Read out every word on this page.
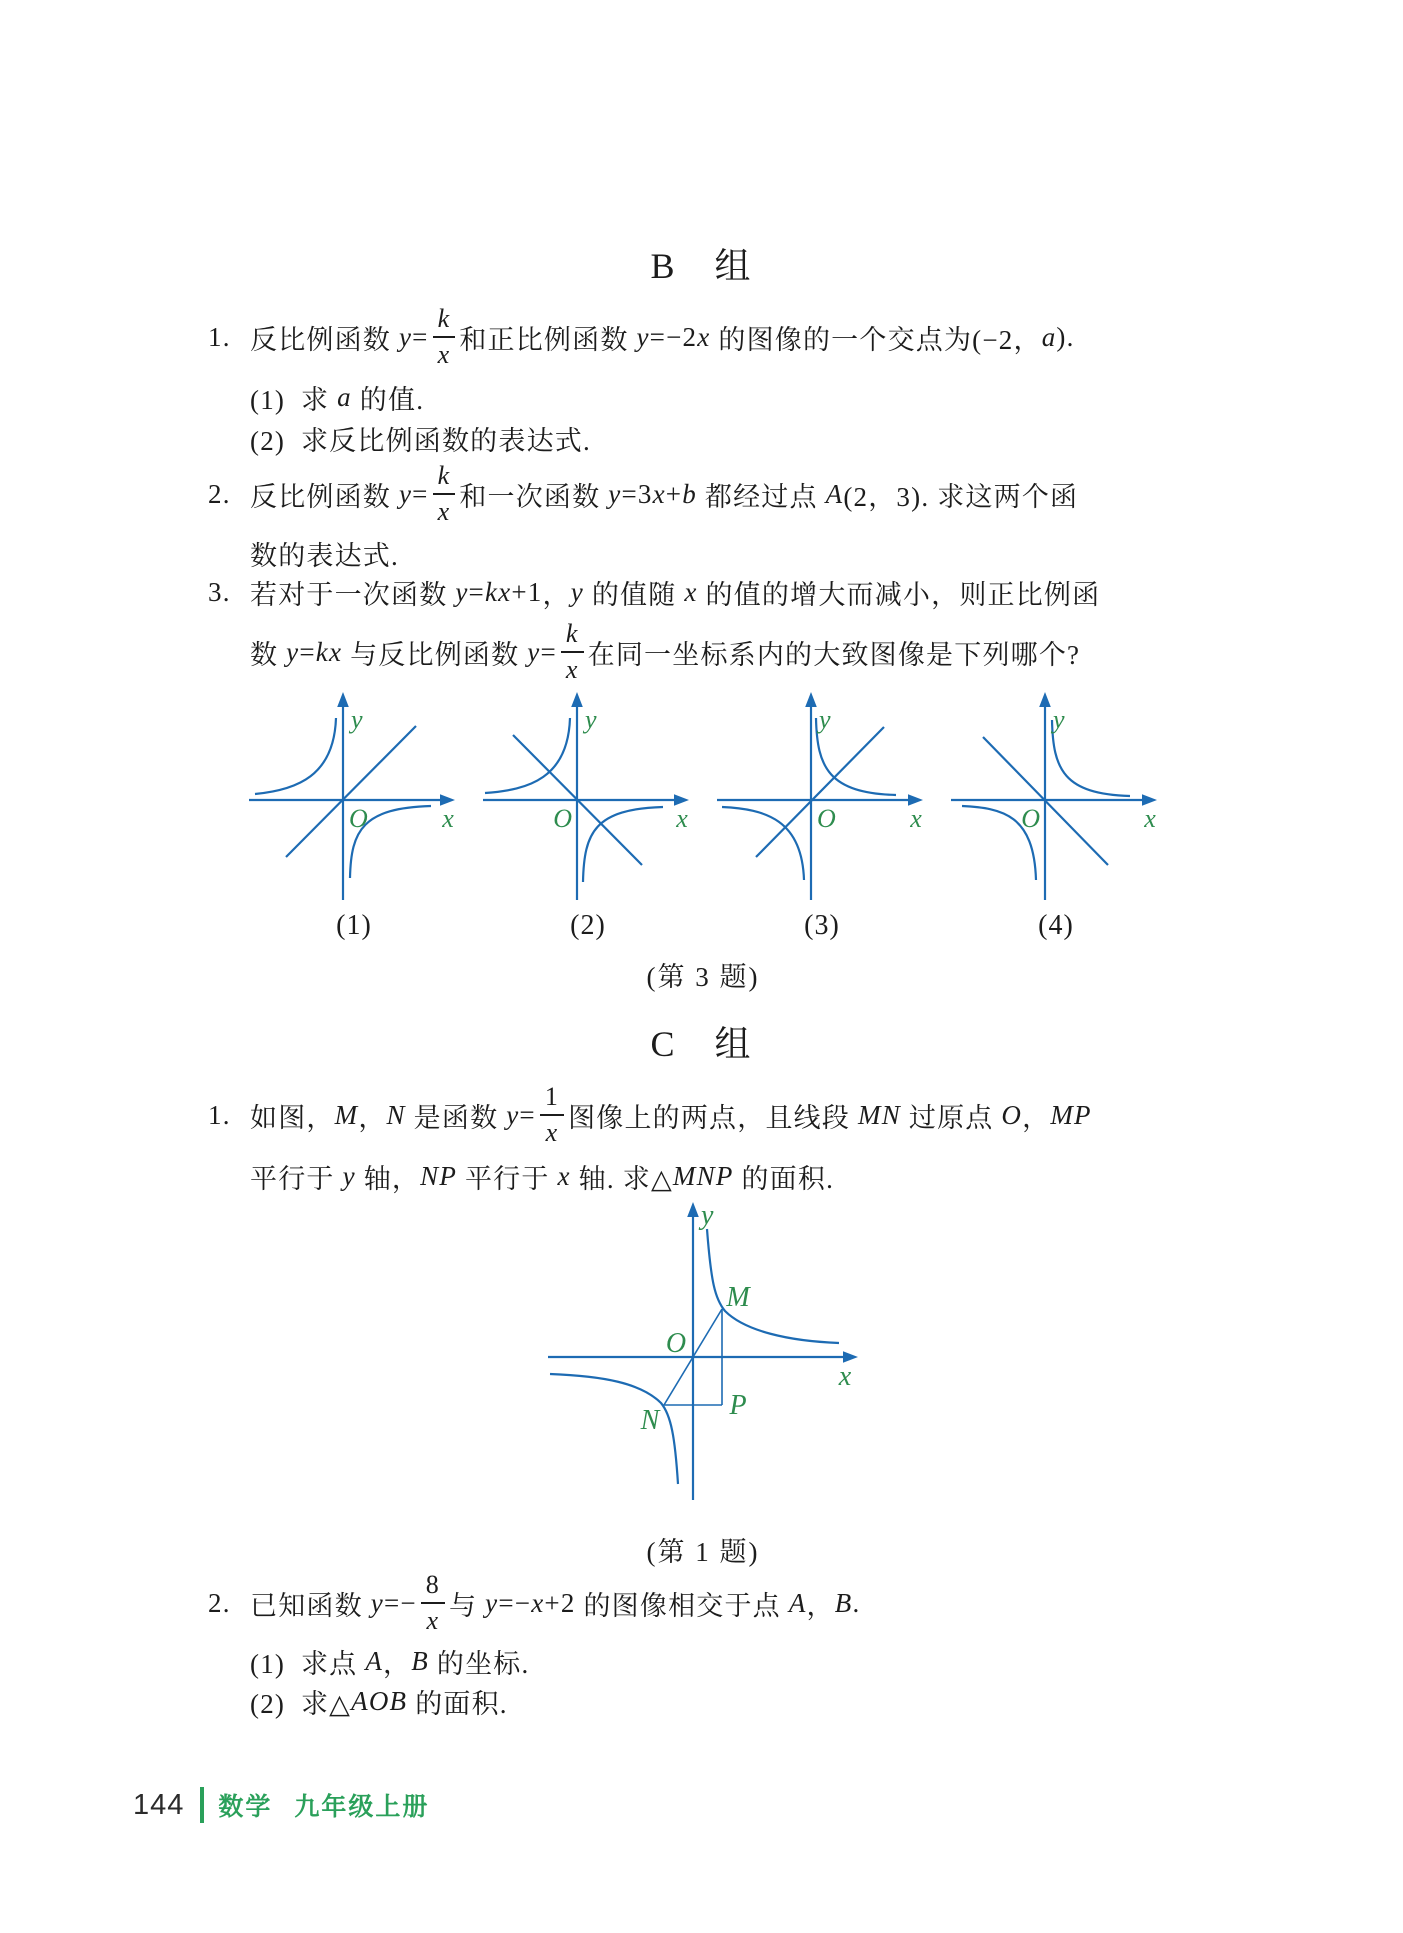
B　组
1. 反比例函数 $y = \frac{k}{x}$ 和正比例函数 y =−2 x 的图像的一个交点为(−2， a ).
(1)  求 a 的值.
(2)  求反比例函数的表达式.
2. 反比例函数 $y = \frac{k}{x}$ 和一次函数 y =3 x + b 都经过点 A (2，3). 求这两个函
数的表达式.
3. 若对于一次函数 y = kx +1 ， y 的值随 x 的值的增大而减小，则正比例函
数 y = kx 与反比例函数 $y = \frac{k}{x}$ 在同一坐标系内的大致图像是下列哪个?
y
x
O
(1)
y
x
O
(2)
y
x
O
(3)
y
x
O
(4)
(第 3 题)
C　组
1. 如图， M ， N 是函数 $y = \frac{1}{x}$ 图像上的两点，且线段 MN 过原点 O ， MP
平行于 y 轴， NP 平行于 x 轴. 求△ MNP 的面积.
y
x
O
M
N	P
(第 1 题)
2. 已知函数 $y =- \frac{8}{x}$ 与 y =− x +2 的图像相交于点 A ， B .
(1)  求点 A ， B 的坐标.
(2)  求△ AOB 的面积.
144 数学 九年级上册
